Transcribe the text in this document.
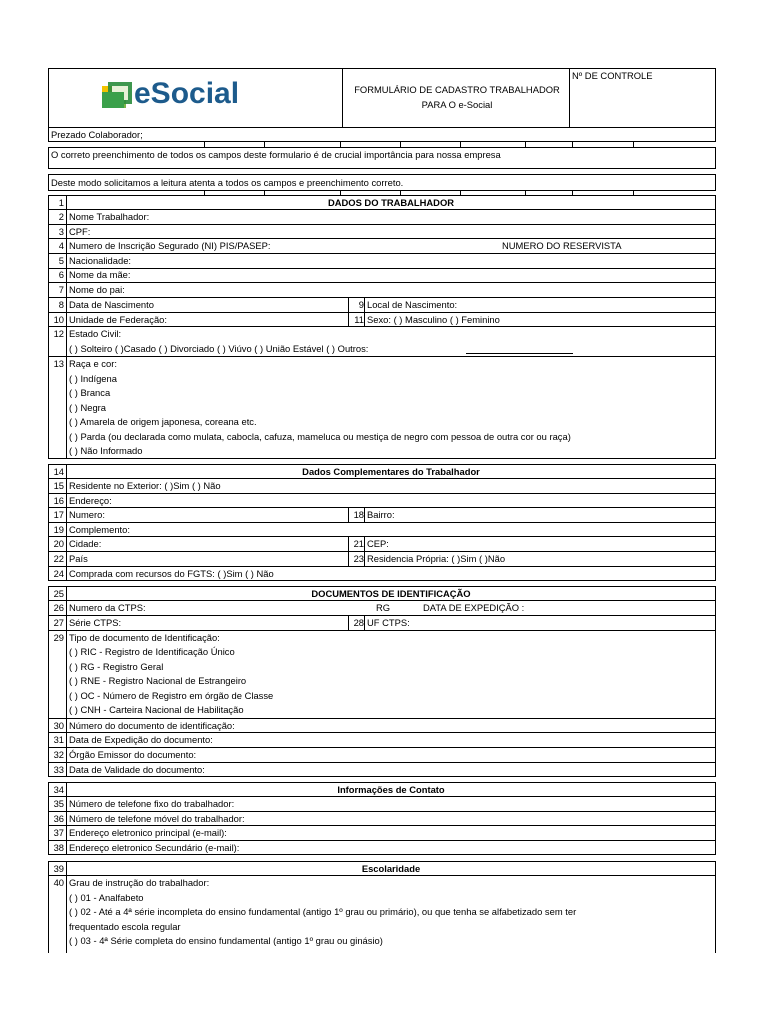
eSocial	FORMULÁRIO DE CADASTRO TRABALHADOR
PARA O e-Social
Nº DE CONTROLE
Prezado Colaborador;
O correto preenchimento de todos os campos deste formulario é de crucial importância para nossa empresa
Deste modo solicitamos a leitura atenta a todos os campos e preenchimento correto.
1	DADOS DO TRABALHADOR
2 Nome Trabalhador:
3 CPF:
4 Numero de Inscrição Segurado (NI) PIS/PASEP:	NUMERO DO RESERVISTA
5 Nacionalidade:
6 Nome da mãe:
7 Nome do pai:
8 Data de Nascimento	9 Local de Nascimento:
10 Unidade de Federação:	11 Sexo: ( ) Masculino ( ) Feminino
12 Estado Civil:
( ) Solteiro ( )Casado ( ) Divorciado ( ) Viúvo ( ) União Estável ( ) Outros:
13 Raça e cor:
( ) Indígena
( ) Branca
( ) Negra
( ) Amarela de origem japonesa, coreana etc.
( ) Parda (ou declarada como mulata, cabocla, cafuza, mameluca ou mestiça de negro com pessoa de outra cor ou raça)
( ) Não Informado
14	Dados Complementares do Trabalhador
15 Residente no Exterior: ( )Sim ( ) Não
16 Endereço:
17 Numero:	18 Bairro:
19 Complemento:
20 Cidade:	21 CEP:
22 País	23 Residencia Própria: ( )Sim ( )Não
24 Comprada com recursos do FGTS: ( )Sim ( ) Não
25	DOCUMENTOS DE IDENTIFICAÇÃO
26 Numero da CTPS:	RG	DATA DE EXPEDIÇÃO :
27 Série CTPS:	28 UF CTPS:
29 Tipo de documento de Identificação:
( ) RIC - Registro de Identificação Único
( ) RG - Registro Geral
( ) RNE - Registro Nacional de Estrangeiro
( ) OC - Número de Registro em órgão de Classe
( ) CNH - Carteira Nacional de Habilitação
30 Número do documento de identificação:
31 Data de Expedição do documento:
32 Órgão Emissor do documento:
33 Data de Validade do documento:
34	Informações de Contato
35 Número de telefone fixo do trabalhador:
36 Número de telefone móvel do trabalhador:
37 Endereço eletronico principal (e-mail):
38 Endereço eletronico Secundário (e-mail):
39	Escolaridade
40 Grau de instrução do trabalhador:
( ) 01 - Analfabeto
( ) 02 - Até a 4ª série incompleta do ensino fundamental (antigo 1º grau ou primário), ou que tenha se alfabetizado sem ter
frequentado escola regular
( ) 03 - 4ª Série completa do ensino fundamental (antigo 1º grau ou ginásio)
